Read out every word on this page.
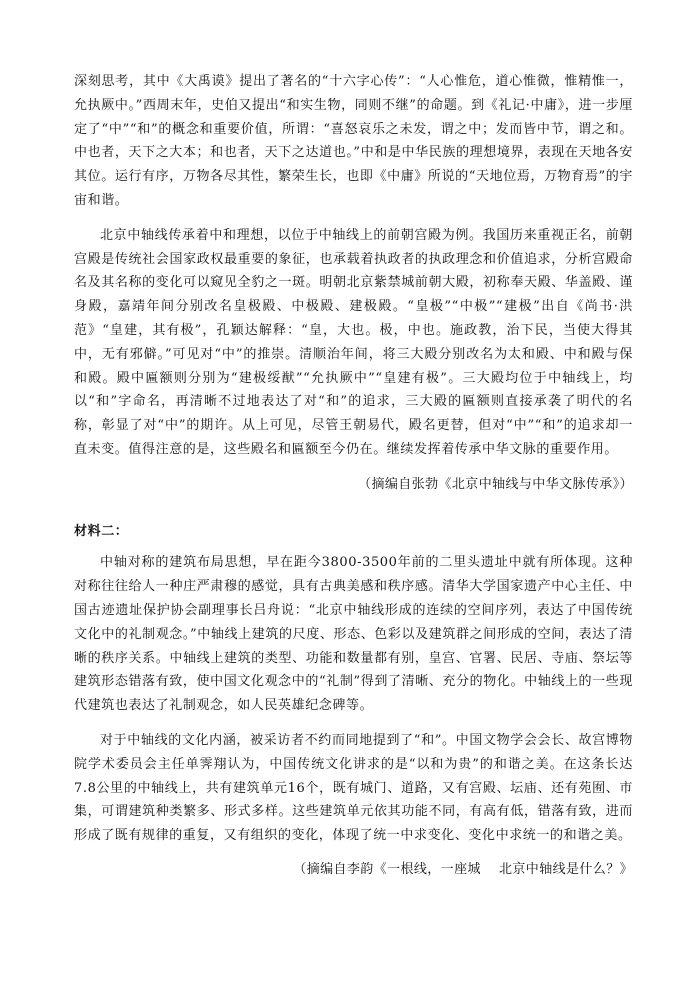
深刻思考，其中《大禹谟》提出了著名的“十六字心传”：“人心惟危，道心惟微，惟精惟一，允执厥中。”西周末年，史伯又提出“和实生物，同则不继”的命题。到《礼记·中庸》，进一步厘定了“中”“和”的概念和重要价值，所谓：“喜怒哀乐之未发，谓之中；发而皆中节，谓之和。中也者，天下之大本；和也者，天下之达道也。”中和是中华民族的理想境界，表现在天地各安其位。运行有序，万物各尽其性，繁荣生长，也即《中庸》所说的“天地位焉，万物育焉”的宇宙和谐。

北京中轴线传承着中和理想，以位于中轴线上的前朝宫殿为例。我国历来重视正名，前朝宫殿是传统社会国家政权最重要的象征，也承载着执政者的执政理念和价值追求，分析宫殿命名及其名称的变化可以窥见全豹之一斑。明朝北京紫禁城前朝大殿，初称奉天殿、华盖殿、谨身殿，嘉靖年间分别改名皇极殿、中极殿、建极殿。“皇极”“中极”“建极”出自《尚书·洪范》“皇建，其有极”，孔颖达解释：“皇，大也。极，中也。施政教，治下民，当使大得其中，无有邪僻。”可见对“中”的推崇。清顺治年间，将三大殿分别改名为太和殿、中和殿与保和殿。殿中匾额则分别为“建极绥猷”“允执厥中”“皇建有极”。三大殿均位于中轴线上，均以“和”字命名，再清晰不过地表达了对“和”的追求，三大殿的匾额则直接承袭了明代的名称，彰显了对“中”的期许。从上可见，尽管王朝易代，殿名更替，但对“中”“和”的追求却一直未变。值得注意的是，这些殿名和匾额至今仍在。继续发挥着传承中华文脉的重要作用。

（摘编自张勃《北京中轴线与中华文脉传承》）

材料二：

中轴对称的建筑布局思想，早在距今3800-3500年前的二里头遗址中就有所体现。这种对称往往给人一种庄严肃穆的感觉，具有古典美感和秩序感。清华大学国家遗产中心主任、中国古迹遗址保护协会副理事长吕舟说：“北京中轴线形成的连续的空间序列，表达了中国传统文化中的礼制观念。”中轴线上建筑的尺度、形态、色彩以及建筑群之间形成的空间，表达了清晰的秩序关系。中轴线上建筑的类型、功能和数量都有别，皇宫、官署、民居、寺庙、祭坛等建筑形态错落有致，使中国文化观念中的“礼制”得到了清晰、充分的物化。中轴线上的一些现代建筑也表达了礼制观念，如人民英雄纪念碑等。

对于中轴线的文化内涵，被采访者不约而同地提到了“和”。中国文物学会会长、故宫博物院学术委员会主任单霁翔认为，中国传统文化讲求的是“以和为贵”的和谐之美。在这条长达7.8公里的中轴线上，共有建筑单元16个，既有城门、道路，又有宫殿、坛庙、还有苑囿、市集，可谓建筑种类繁多、形式多样。这些建筑单元依其功能不同，有高有低，错落有致，进而形成了既有规律的重复，又有组织的变化，体现了统一中求变化、变化中求统一的和谐之美。

（摘编自李韵《一根线，一座城    北京中轴线是什么？》
